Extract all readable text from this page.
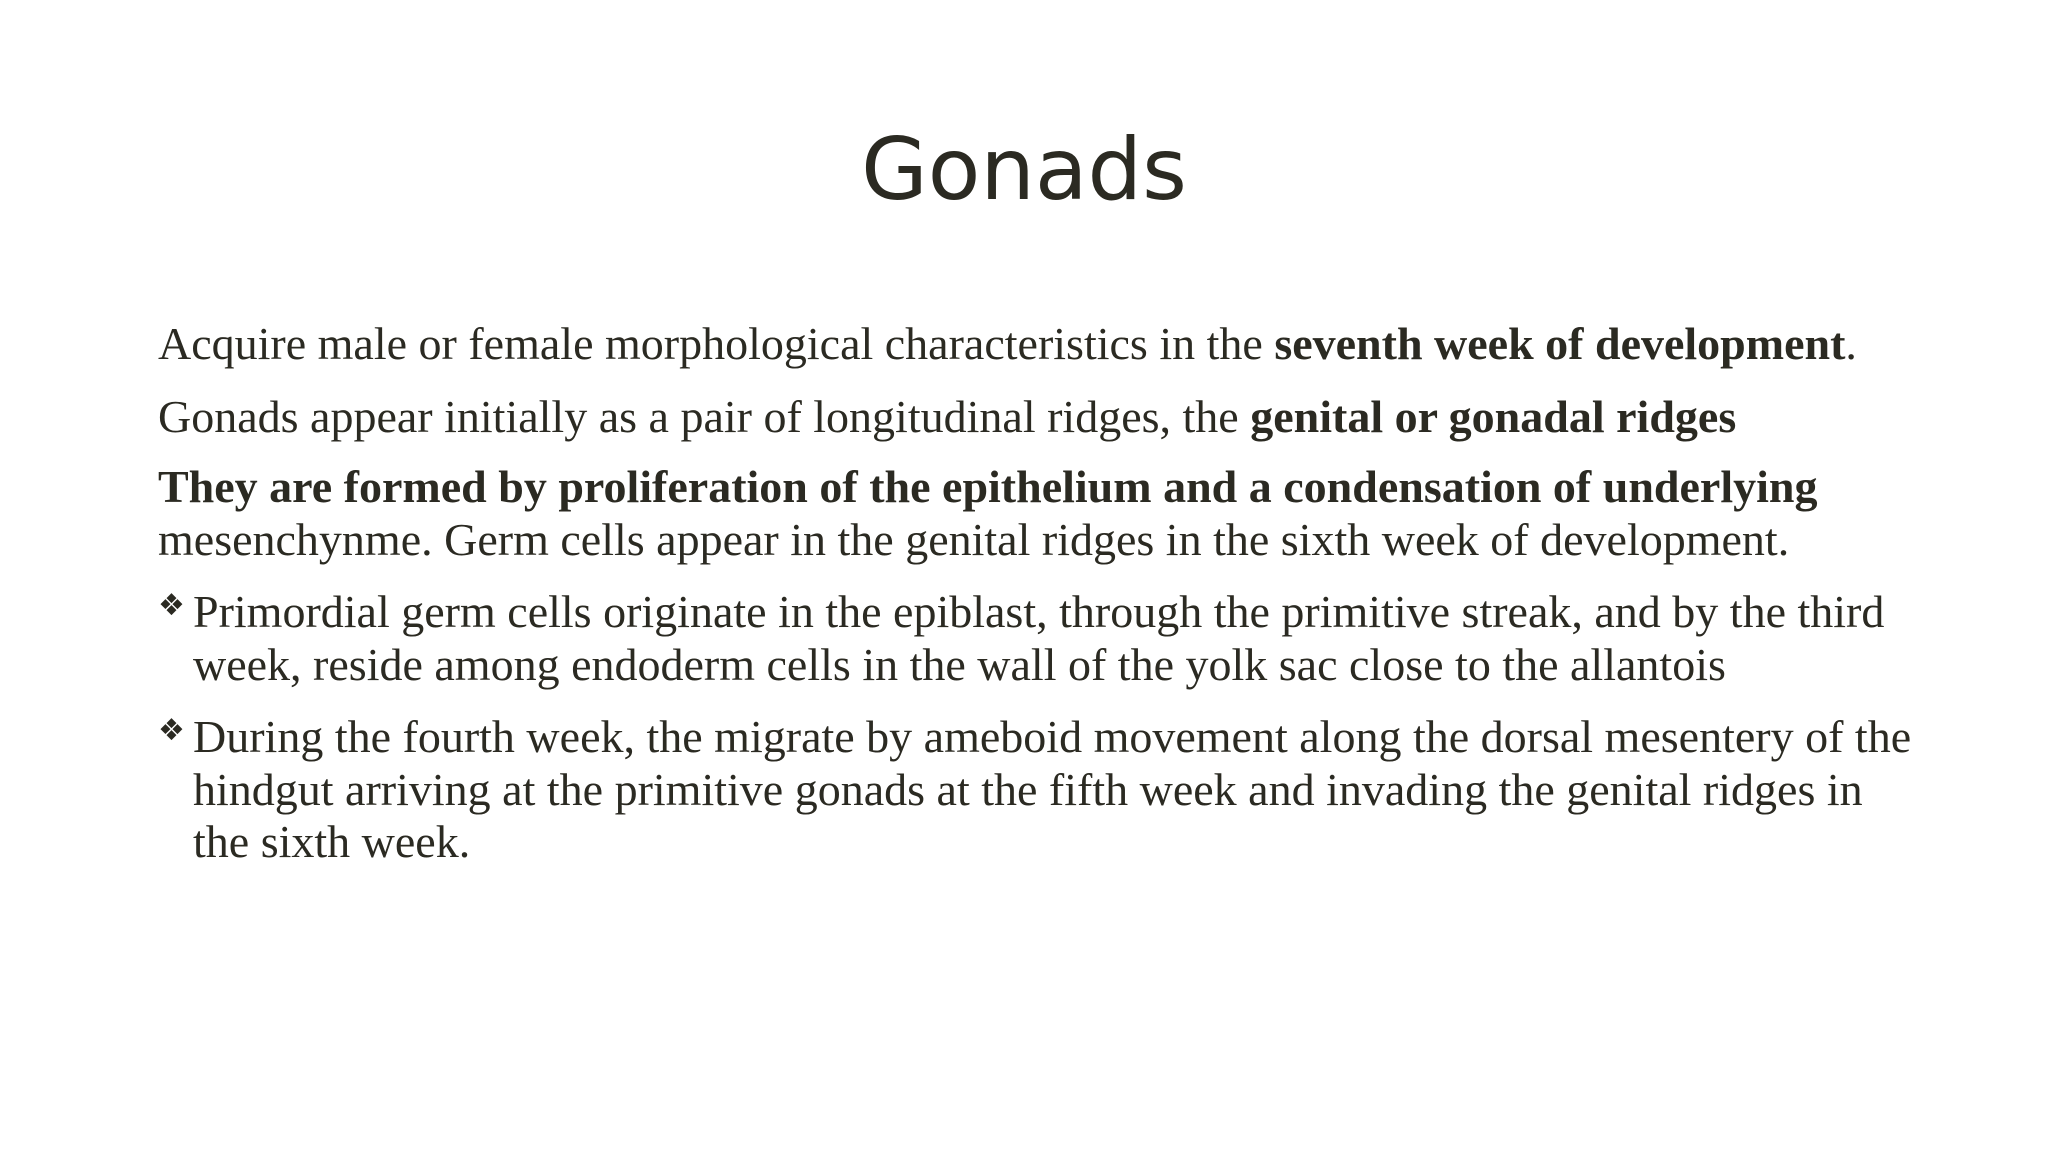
Gonads

Acquire male or female morphological characteristics in the seventh week of development.

Gonads appear initially as a pair of longitudinal ridges, the genital or gonadal ridges

They are formed by proliferation of the epithelium and a condensation of underlying mesenchynme. Germ cells appear in the genital ridges in the sixth week of development.

❖ Primordial germ cells originate in the epiblast, through the primitive streak, and by the third week, reside among endoderm cells in the wall of the yolk sac close to the allantois

❖ During the fourth week, the migrate by ameboid movement along the dorsal mesentery of the hindgut arriving at the primitive gonads at the fifth week and invading the genital ridges in the sixth week.
